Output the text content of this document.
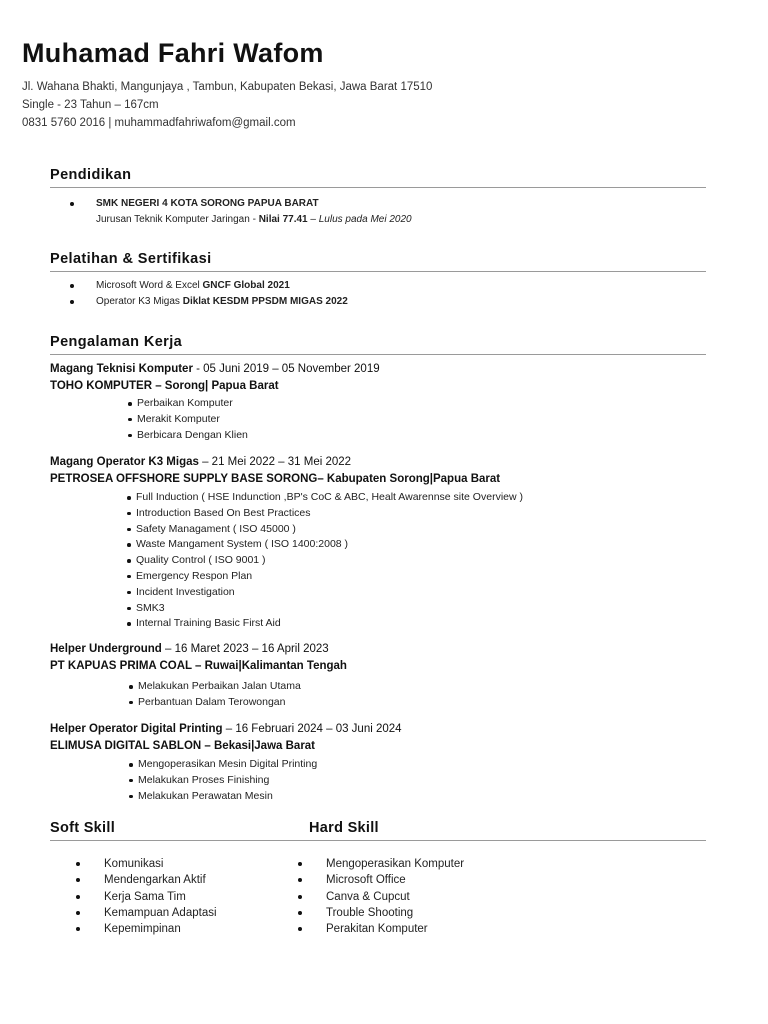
Muhamad Fahri Wafom
Jl. Wahana Bhakti, Mangunjaya , Tambun, Kabupaten Bekasi, Jawa Barat 17510
Single - 23 Tahun – 167cm
0831 5760 2016 | muhammadfahriwafom@gmail.com
Pendidikan
SMK NEGERI 4 KOTA SORONG PAPUA BARAT
Jurusan Teknik Komputer Jaringan - Nilai 77.41 – Lulus pada Mei 2020
Pelatihan & Sertifikasi
Microsoft Word & Excel GNCF Global 2021
Operator K3 Migas Diklat KESDM PPSDM MIGAS 2022
Pengalaman Kerja
Magang Teknisi Komputer - 05 Juni 2019 – 05 November 2019
TOHO KOMPUTER – Sorong| Papua Barat
Perbaikan Komputer
Merakit Komputer
Berbicara Dengan Klien
Magang Operator K3 Migas – 21 Mei 2022 – 31 Mei 2022
PETROSEA OFFSHORE SUPPLY BASE SORONG– Kabupaten Sorong|Papua Barat
Full Induction ( HSE Indunction ,BP's CoC & ABC, Healt Awarennse site Overview )
Introduction Based On Best Practices
Safety Managament ( ISO 45000 )
Waste Mangament System ( ISO 1400:2008 )
Quality Control ( ISO 9001 )
Emergency Respon Plan
Incident Investigation
SMK3
Internal Training Basic First Aid
Helper Underground – 16 Maret 2023 – 16 April 2023
PT KAPUAS PRIMA COAL – Ruwai|Kalimantan Tengah
Melakukan Perbaikan Jalan Utama
Perbantuan Dalam Terowongan
Helper Operator Digital Printing – 16 Februari 2024 – 03 Juni 2024
ELIMUSA DIGITAL SABLON – Bekasi|Jawa Barat
Mengoperasikan Mesin Digital Printing
Melakukan Proses Finishing
Melakukan Perawatan Mesin
Soft Skill	Hard Skill
Komunikasi
Mendengarkan Aktif
Kerja Sama Tim
Kemampuan Adaptasi
Kepemimpinan
Mengoperasikan Komputer
Microsoft Office
Canva & Cupcut
Trouble Shooting
Perakitan Komputer
